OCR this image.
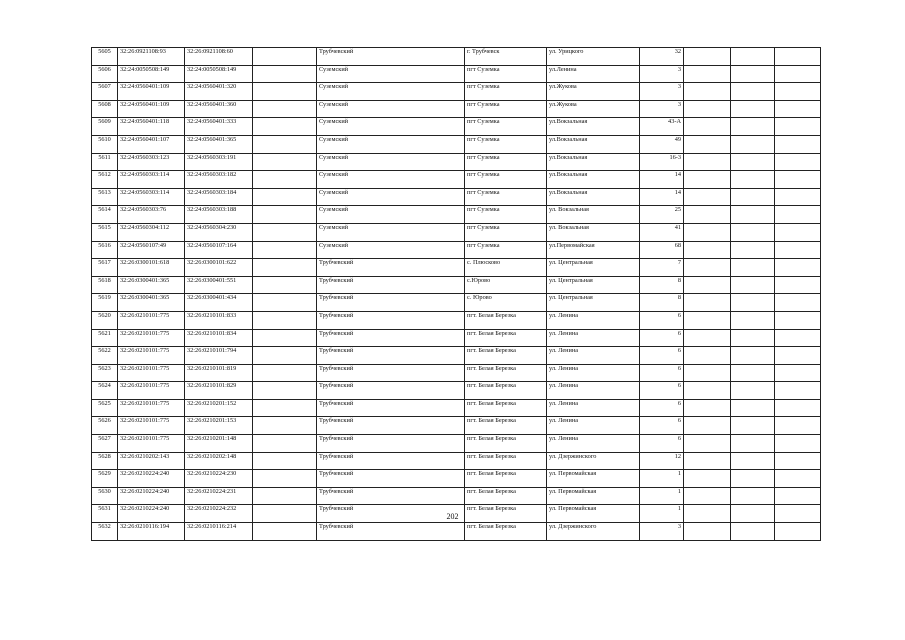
5605	32:26:0921108:93	32:26:0921108:60		Трубчевский	г. Трубчевск	ул. Урицкого	32			
5606	32:24:0050508:149	32:24:0050508:149		Суземский	пгт Суземка	ул.Ленина	3			
5607	32:24:0560401:109	32:24:0560401:320		Суземский	пгт Суземка	ул.Жукова	3			
5608	32:24:0560401:109	32:24:0560401:360		Суземский	пгт Суземка	ул.Жукова	3			
5609	32:24:0560401:118	32:24:0560401:333		Суземский	пгт Суземка	ул.Вокзальная	43-А			
5610	32:24:0560401:107	32:24:0560401:365		Суземский	пгт Суземка	ул.Вокзальная	49			
5611	32:24:0560303:123	32:24:0560303:191		Суземский	пгт Суземка	ул.Вокзальная	16-3			
5612	32:24:0560303:114	32:24:0560303:182		Суземский	пгт Суземка	ул.Вокзальная	14			
5613	32:24:0560303:114	32:24:0560303:184		Суземский	пгт Суземка	ул.Вокзальная	14			
5614	32:24:0560303:76	32:24:0560303:188		Суземский	пгт Суземка	ул. Вокзальная	25			
5615	32:24:0560304:112	32:24:0560304:230		Суземский	пгт Суземка	ул. Вокзальная	41			
5616	32:24:0560107:49	32:24:0560107:164		Суземский	пгт Суземка	ул.Первомайская	68			
5617	32:26:0300101:618	32:26:0300101:622		Трубчевский	с. Плюсково	ул. Центральная	7			
5618	32:26:0300401:365	32:26:0300401:551		Трубчевский	с.Юрово	ул. Центральная	8			
5619	32:26:0300401:365	32:26:0300401:434		Трубчевский	с. Юрово	ул. Центральная	8			
5620	32:26:0210101:775	32:26:0210101:833		Трубчевский	пгт. Белая Березка	ул. Ленина	6			
5621	32:26:0210101:775	32:26:0210101:834		Трубчевский	пгт. Белая Березка	ул. Ленина	6			
5622	32:26:0210101:775	32:26:0210101:794		Трубчевский	пгт. Белая Березка	ул. Ленина	6			
5623	32:26:0210101:775	32:26:0210101:819		Трубчевский	пгт. Белая Березка	ул. Ленина	6			
5624	32:26:0210101:775	32:26:0210101:829		Трубчевский	пгт. Белая Березка	ул. Ленина	6			
5625	32:26:0210101:775	32:26:0210201:152		Трубчевский	пгт. Белая Березка	ул. Ленина	6			
5626	32:26:0210101:775	32:26:0210201:153		Трубчевский	пгт. Белая Березка	ул. Ленина	6			
5627	32:26:0210101:775	32:26:0210201:148		Трубчевский	пгт. Белая Березка	ул. Ленина	6			
5628	32:26:0210202:143	32:26:0210202:148		Трубчевский	пгт. Белая Березка	ул. Дзержинского	12			
5629	32:26:0210224:240	32:26:0210224:230		Трубчевский	пгт. Белая Березка	ул. Первомайская	1			
5630	32:26:0210224:240	32:26:0210224:231		Трубчевский	пгт. Белая Березка	ул. Первомайская	1			
5631	32:26:0210224:240	32:26:0210224:232		Трубчевский	пгт. Белая Березка	ул. Первомайская	1			
5632	32:26:0210116:194	32:26:0210116:214		Трубчевский	пгт. Белая Березка	ул. Дзержинского	3			
202
